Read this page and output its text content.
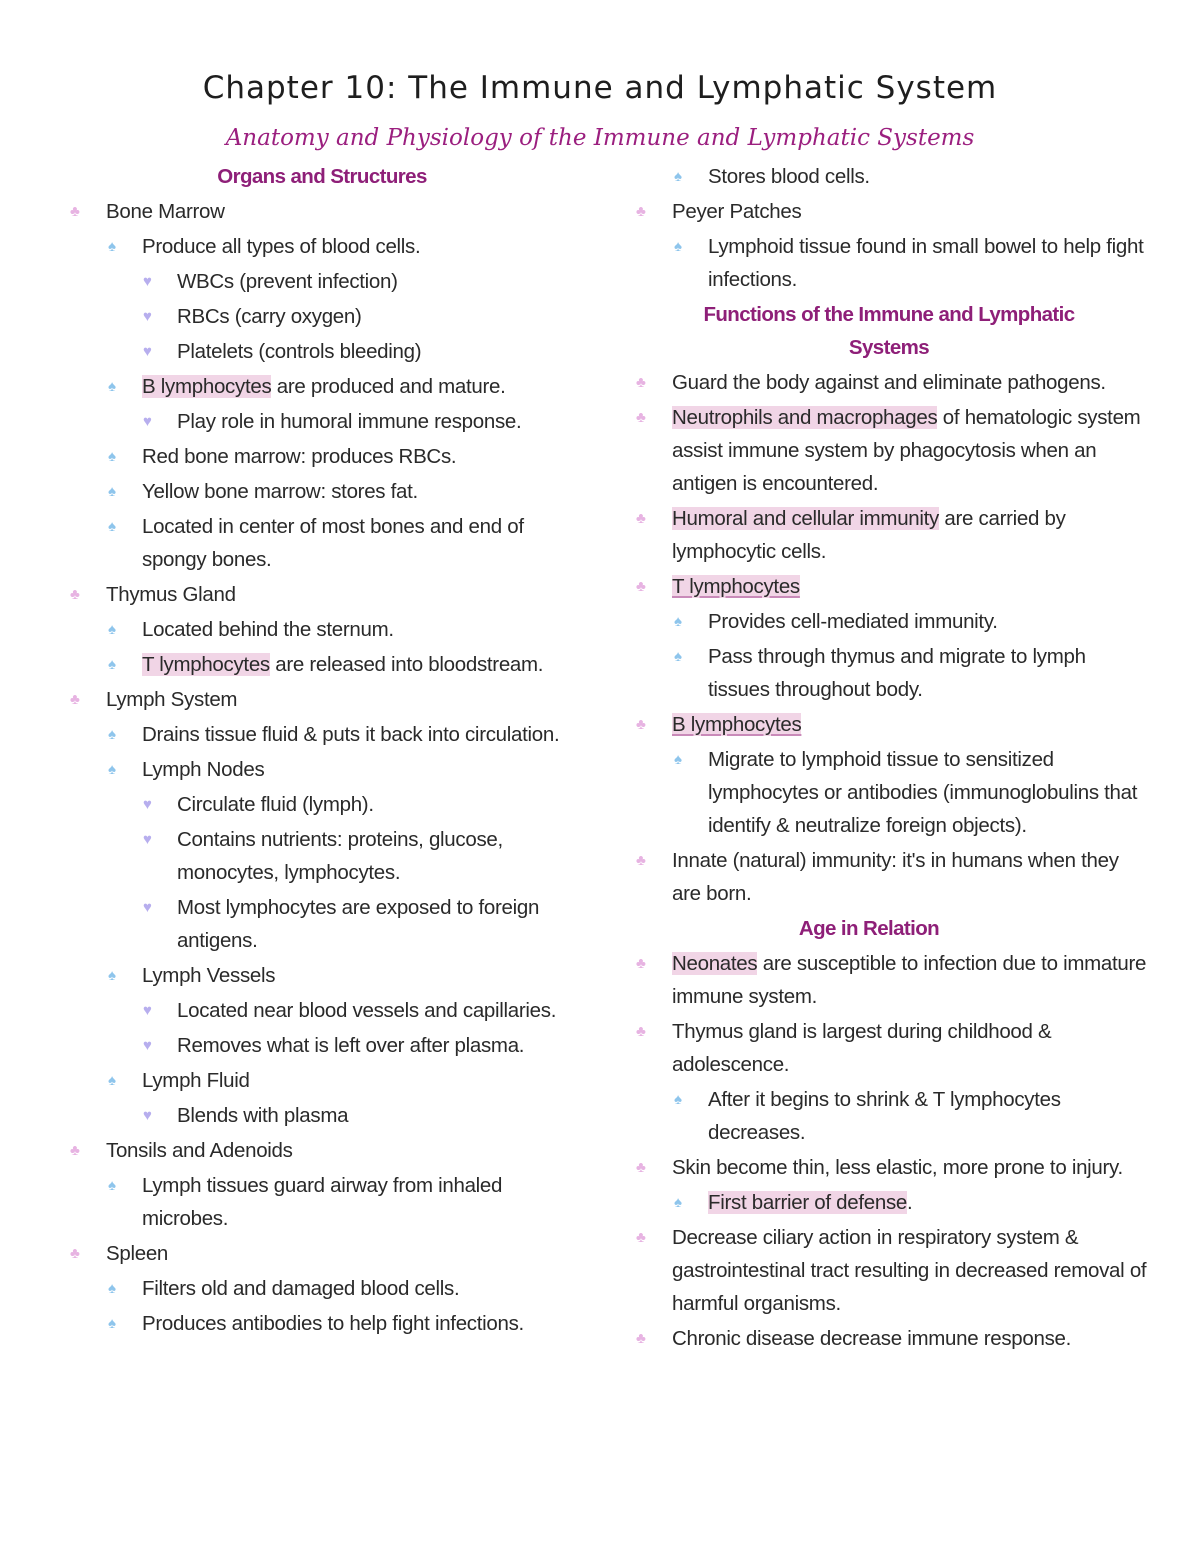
Chapter 10: The Immune and Lymphatic System
Anatomy and Physiology of the Immune and Lymphatic Systems
Organs and Structures
♣ Bone Marrow
♠ Produce all types of blood cells.
♥ WBCs (prevent infection)
♥ RBCs (carry oxygen)
♥ Platelets (controls bleeding)
♠ B lymphocytes are produced and mature.
♥ Play role in humoral immune response.
♠ Red bone marrow: produces RBCs.
♠ Yellow bone marrow: stores fat.
♠ Located in center of most bones and end of spongy bones.
♣ Thymus Gland
♠ Located behind the sternum.
♠ T lymphocytes are released into bloodstream.
♣ Lymph System
♠ Drains tissue fluid & puts it back into circulation.
♠ Lymph Nodes
♥ Circulate fluid (lymph).
♥ Contains nutrients: proteins, glucose, monocytes, lymphocytes.
♥ Most lymphocytes are exposed to foreign antigens.
♠ Lymph Vessels
♥ Located near blood vessels and capillaries.
♥ Removes what is left over after plasma.
♠ Lymph Fluid
♥ Blends with plasma
♣ Tonsils and Adenoids
♠ Lymph tissues guard airway from inhaled microbes.
♣ Spleen
♠ Filters old and damaged blood cells.
♠ Produces antibodies to help fight infections.
♠ Stores blood cells.
♣ Peyer Patches
♠ Lymphoid tissue found in small bowel to help fight infections.
Functions of the Immune and Lymphatic Systems
♣ Guard the body against and eliminate pathogens.
♣ Neutrophils and macrophages of hematologic system assist immune system by phagocytosis when an antigen is encountered.
♣ Humoral and cellular immunity are carried by lymphocytic cells.
♣ T lymphocytes
♠ Provides cell-mediated immunity.
♠ Pass through thymus and migrate to lymph tissues throughout body.
♣ B lymphocytes
♠ Migrate to lymphoid tissue to sensitized lymphocytes or antibodies (immunoglobulins that identify & neutralize foreign objects).
♣ Innate (natural) immunity: it's in humans when they are born.
Age in Relation
♣ Neonates are susceptible to infection due to immature immune system.
♣ Thymus gland is largest during childhood & adolescence.
♠ After it begins to shrink & T lymphocytes decreases.
♣ Skin become thin, less elastic, more prone to injury.
♠ First barrier of defense.
♣ Decrease ciliary action in respiratory system & gastrointestinal tract resulting in decreased removal of harmful organisms.
♣ Chronic disease decrease immune response.
